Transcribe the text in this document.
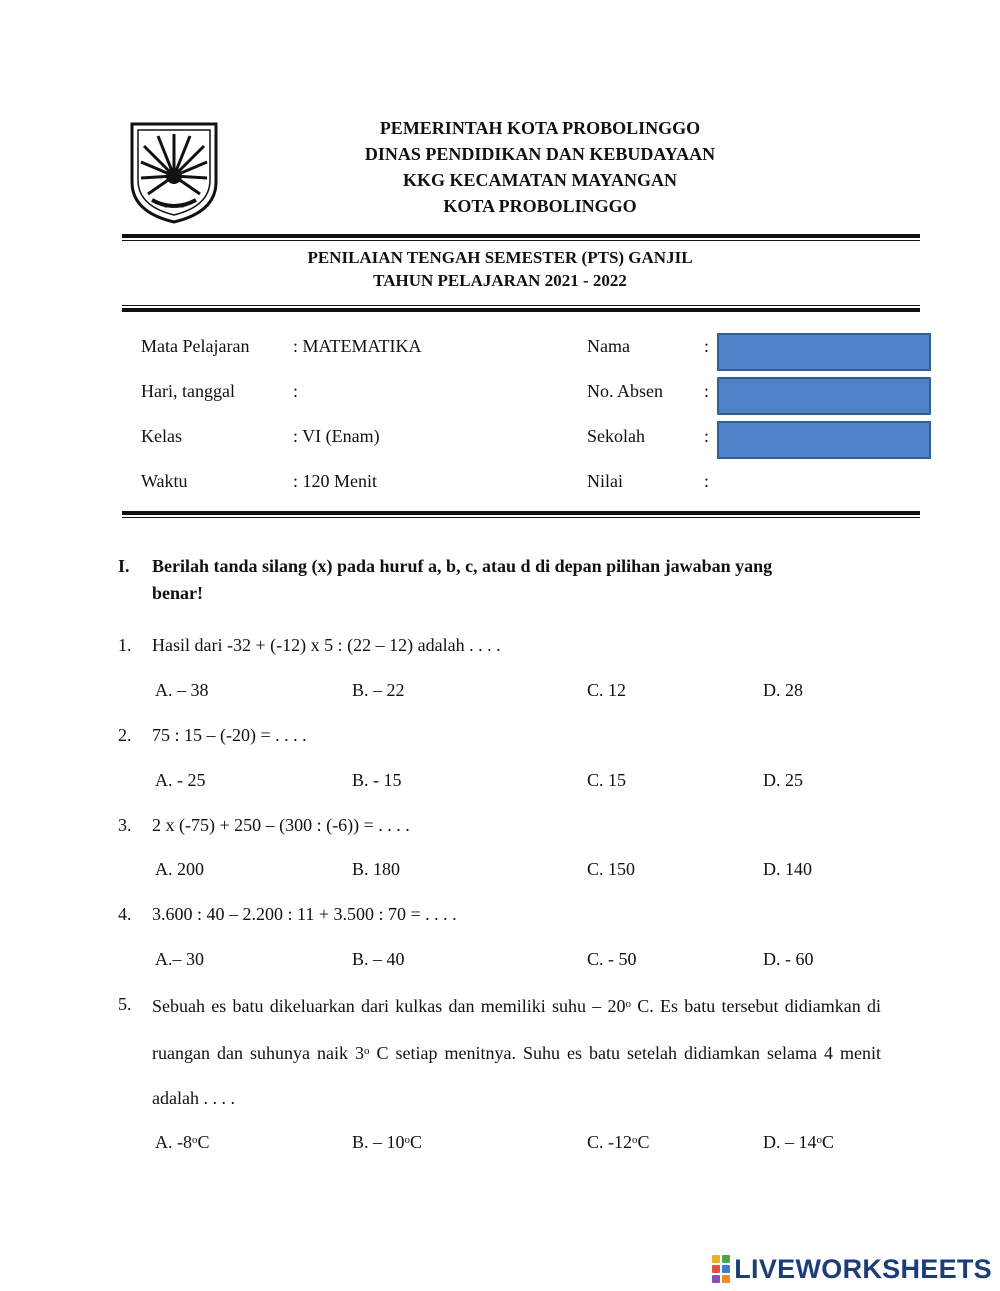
∘ ∘ ∘ ∘
PEMERINTAH KOTA PROBOLINGGO
DINAS PENDIDIKAN DAN KEBUDAYAAN
KKG KECAMATAN MAYANGAN
KOTA PROBOLINGGO
PENILAIAN TENGAH SEMESTER (PTS) GANJIL
TAHUN PELAJARAN 2021 - 2022
Mata Pelajaran : MATEMATIKA
Hari, tanggal	:
Kelas	: VI (Enam)
Waktu	: 120 Menit
Nama	:
No. Absen :
Sekolah	:
Nilai	:
I. Berilah tanda silang (x) pada huruf a, b, c, atau d di depan pilihan jawaban yang
benar!
1. Hasil dari -32 + (-12) x 5 : (22 – 12) adalah . . . .
A. – 38	B. – 22	C. 12	D. 28
2. 75 : 15 – (-20) = . . . .
A. - 25	B. - 15	C. 15	D. 25
3. 2 x (-75) + 250 – (300 : (-6)) = . . . .
A. 200	B. 180	C. 150	D. 140
4. 3.600 : 40 – 2.200 : 11 + 3.500 : 70 = . . . .
A.– 30	B. – 40	C. - 50	D. - 60
5. Sebuah es batu dikeluarkan dari kulkas dan memiliki suhu – 20$^o$ C. Es batu tersebut didiamkan di ruangan dan suhunya naik 3$^o$ C setiap menitnya. Suhu es batu setelah didiamkan selama 4 menit adalah . . . .
A. -8$^o$C	B. – 10$^o$C	C. -12$^o$C	D. – 14$^o$C
LIVEWORKSHEETS
